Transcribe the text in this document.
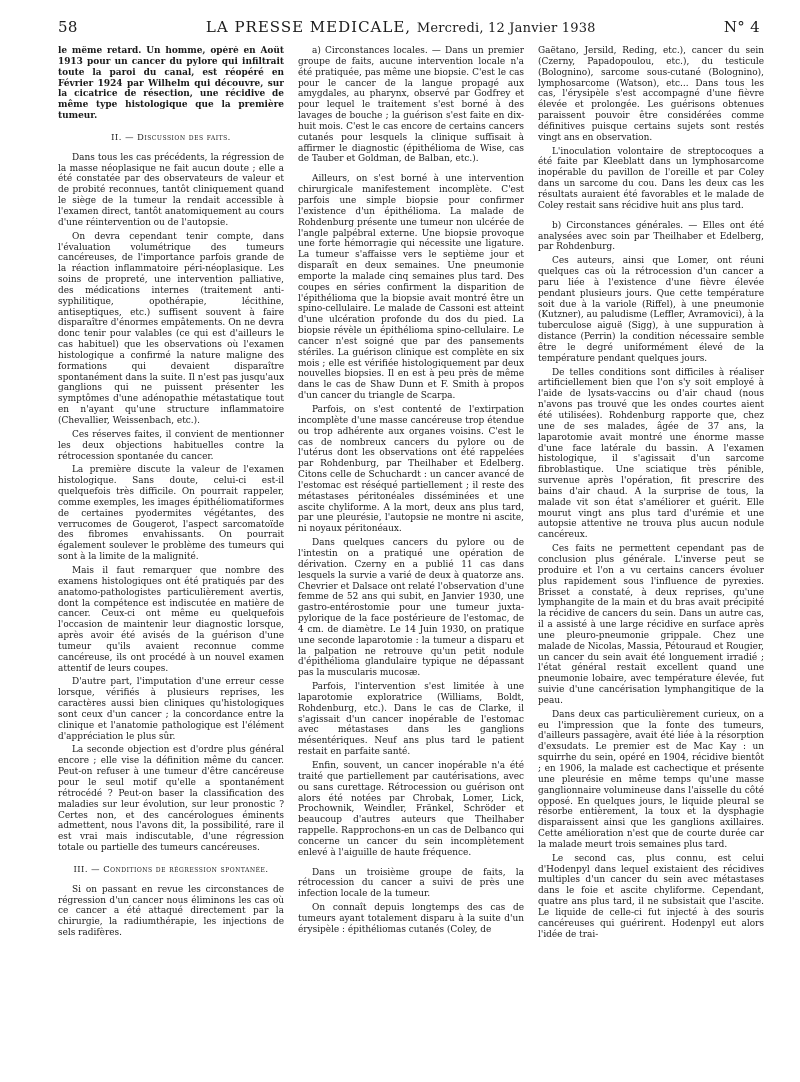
58	LA PRESSE MEDICALE, Mercredi, 12 Janvier 1938	N° 4

le même retard. Un homme, opéré en Août 1913 pour un cancer du pylore qui infiltrait toute la paroi du canal, est réopéré en Février 1924 par Wilhelm qui découvre, sur la cicatrice de résection, une récidive de même type histologique que la première tumeur.

II. — Discussion des faits.

Dans tous les cas précédents, la régression de la masse néoplasique ne fait aucun doute ; elle a été constatée par des observateurs de valeur et de probité reconnues, tantôt cliniquement quand le siège de la tumeur la rendait accessible à l'examen direct, tantôt anatomiquement au cours d'une réintervention ou de l'autopsie.

On devra cependant tenir compte, dans l'évaluation volumétrique des tumeurs cancéreuses, de l'importance parfois grande de la réaction inflammatoire péri-néoplasique. Les soins de propreté, une intervention palliative, des médications internes (traitement anti-syphilitique, opothérapie, lécithine, antiseptiques, etc.) suffisent souvent à faire disparaître d'énormes empâtements. On ne devra donc tenir pour valables (ce qui est d'ailleurs le cas habituel) que les observations où l'examen histologique a confirmé la nature maligne des formations qui devaient disparaître spontanément dans la suite. Il n'est pas jusqu'aux ganglions qui ne puissent présenter les symptômes d'une adénopathie métastatique tout en n'ayant qu'une structure inflammatoire (Chevallier, Weissenbach, etc.).

Ces réserves faites, il convient de mentionner les deux objections habituelles contre la rétrocession spontanée du cancer.

La première discute la valeur de l'examen histologique. Sans doute, celui-ci est-il quelquefois très difficile. On pourrait rappeler, comme exemples, les images épithéliomatiformes de certaines pyodermites végétantes, des verrucomes de Gougerot, l'aspect sarcomatoïde des fibromes envahissants. On pourrait également soulever le problème des tumeurs qui sont à la limite de la malignité.

Mais il faut remarquer que nombre des examens histologiques ont été pratiqués par des anatomo-pathologistes particulièrement avertis, dont la compétence est indiscutée en matière de cancer. Ceux-ci ont même eu quelquefois l'occasion de maintenir leur diagnostic lorsque, après avoir été avisés de la guérison d'une tumeur qu'ils avaient reconnue comme cancéreuse, ils ont procédé à un nouvel examen attentif de leurs coupes.

D'autre part, l'imputation d'une erreur cesse lorsque, vérifiés à plusieurs reprises, les caractères aussi bien cliniques qu'histologiques sont ceux d'un cancer ; la concordance entre la clinique et l'anatomie pathologique est l'élément d'appréciation le plus sûr.

La seconde objection est d'ordre plus général encore ; elle vise la définition même du cancer. Peut-on refuser à une tumeur d'être cancéreuse pour le seul motif qu'elle a spontanément rétrocédé ? Peut-on baser la classification des maladies sur leur évolution, sur leur pronostic ? Certes non, et des cancérologues éminents admettent, nous l'avons dit, la possibilité, rare il est vrai mais indiscutable, d'une régression totale ou partielle des tumeurs cancéreuses.

III. — Conditions de régression spontanée.

Si on passant en revue les circonstances de régression d'un cancer nous éliminons les cas où ce cancer a été attaqué directement par la chirurgie, la radiumthérapie, les injections de sels radifères.

a) Circonstances locales. — Dans un premier groupe de faits, aucune intervention locale n'a été pratiquée, pas même une biopsie. C'est le cas pour le cancer de la langue propagé aux amygdales, au pharynx, observé par Godfrey et pour lequel le traitement s'est borné à des lavages de bouche ; la guérison s'est faite en dix-huit mois. C'est le cas encore de certains cancers cutanés pour lesquels la clinique suffisait à affirmer le diagnostic (épithélioma de Wise, cas de Tauber et Goldman, de Balban, etc.).

Ailleurs, on s'est borné à une intervention chirurgicale manifestement incomplète. C'est parfois une simple biopsie pour confirmer l'existence d'un épithélioma. La malade de Rohdenburg présente une tumeur non ulcérée de l'angle palpébral externe. Une biopsie provoque une forte hémorragie qui nécessite une ligature. La tumeur s'affaisse vers le septième jour et disparaît en deux semaines. Une pneumonie emporte la malade cinq semaines plus tard. Des coupes en séries confirment la disparition de l'épithélioma que la biopsie avait montré être un spino-cellulaire. Le malade de Cassoni est atteint d'une ulcération profonde du dos du pied. La biopsie révèle un épithélioma spino-cellulaire. Le cancer n'est soigné que par des pansements stériles. La guérison clinique est complète en six mois ; elle est vérifiée histologiquement par deux nouvelles biopsies. Il en est à peu près de même dans le cas de Shaw Dunn et F. Smith à propos d'un cancer du triangle de Scarpa.

Parfois, on s'est contenté de l'extirpation incomplète d'une masse cancéreuse trop étendue ou trop adhérente aux organes voisins. C'est le cas de nombreux cancers du pylore ou de l'utérus dont les observations ont été rappelées par Rohdenburg, par Theilhaber et Edelberg. Citons celle de Schuchardt : un cancer avancé de l'estomac est réséqué partiellement ; il reste des métastases péritonéales disséminées et une ascite chyliforme. A la mort, deux ans plus tard, par une pleurésie, l'autopsie ne montre ni ascite, ni noyaux péritonéaux.

Dans quelques cancers du pylore ou de l'intestin on a pratiqué une opération de dérivation. Czerny en a publié 11 cas dans lesquels la survie a varié de deux à quatorze ans. Chevrier et Dalsace ont relaté l'observation d'une femme de 52 ans qui subit, en Janvier 1930, une gastro-entérostomie pour une tumeur juxta-pylorique de la face postérieure de l'estomac, de 4 cm. de diamètre. Le 14 Juin 1930, on pratique une seconde laparotomie : la tumeur a disparu et la palpation ne retrouve qu'un petit nodule d'épithélioma glandulaire typique ne dépassant pas la muscularis mucosæ.

Parfois, l'intervention s'est limitée à une laparotomie exploratrice (Williams, Boldt, Rohdenburg, etc.). Dans le cas de Clarke, il s'agissait d'un cancer inopérable de l'estomac avec métastases dans les ganglions mésentériques. Neuf ans plus tard le patient restait en parfaite santé.

Enfin, souvent, un cancer inopérable n'a été traité que partiellement par cautérisations, avec ou sans curettage. Rétrocession ou guérison ont alors été notées par Chrobak, Lomer, Lick, Prochownik, Weindler, Fränkel, Schröder et beaucoup d'autres auteurs que Theilhaber rappelle. Rapprochons-en un cas de Delbanco qui concerne un cancer du sein incomplètement enlevé à l'aiguille de haute fréquence.

Dans un troisième groupe de faits, la rétrocession du cancer a suivi de près une infection locale de la tumeur.

On connaît depuis longtemps des cas de tumeurs ayant totalement disparu à la suite d'un érysipèle : épithéliomas cutanés (Coley, de

Gaëtano, Jersild, Reding, etc.), cancer du sein (Czerny, Papadopoulou, etc.), du testicule (Bolognino), sarcome sous-cutané (Bolognino), lymphosarcome (Watson), etc... Dans tous les cas, l'érysipèle s'est accompagné d'une fièvre élevée et prolongée. Les guérisons obtenues paraissent pouvoir être considérées comme définitives puisque certains sujets sont restés vingt ans en observation.

L'inoculation volontaire de streptocoques a été faite par Kleeblatt dans un lymphosarcome inopérable du pavillon de l'oreille et par Coley dans un sarcome du cou. Dans les deux cas les résultats auraient été favorables et le malade de Coley restait sans récidive huit ans plus tard.

b) Circonstances générales. — Elles ont été analysées avec soin par Theilhaber et Edelberg, par Rohdenburg.

Ces auteurs, ainsi que Lomer, ont réuni quelques cas où la rétrocession d'un cancer a paru liée à l'existence d'une fièvre élevée pendant plusieurs jours. Que cette température soit due à la variole (Riffel), à une pneumonie (Kutzner), au paludisme (Leffler, Avramovici), à la tuberculose aiguë (Sigg), à une suppuration à distance (Perrin) la condition nécessaire semble être le degré uniformément élevé de la température pendant quelques jours.

De telles conditions sont difficiles à réaliser artificiellement bien que l'on s'y soit employé à l'aide de lysats-vaccins ou d'air chaud (nous n'avons pas trouvé que les ondes courtes aient été utilisées). Rohdenburg rapporte que, chez une de ses malades, âgée de 37 ans, la laparotomie avait montré une énorme masse d'une face latérale du bassin. A l'examen histologique, il s'agissait d'un sarcome fibroblastique. Une sciatique très pénible, survenue après l'opération, fit prescrire des bains d'air chaud. A la surprise de tous, la malade vit son état s'améliorer et guérit. Elle mourut vingt ans plus tard d'urémie et une autopsie attentive ne trouva plus aucun nodule cancéreux.

Ces faits ne permettent cependant pas de conclusion plus générale. L'inverse peut se produire et l'on a vu certains cancers évoluer plus rapidement sous l'influence de pyrexies. Brisset a constaté, à deux reprises, qu'une lymphangite de la main et du bras avait précipité la récidive de cancers du sein. Dans un autre cas, il a assisté à une large récidive en surface après une pleuro-pneumonie grippale. Chez une malade de Nicolas, Massia, Pétouraud et Rougier, un cancer du sein avait été longuement irradié ; l'état général restait excellent quand une pneumonie lobaire, avec température élevée, fut suivie d'une cancérisation lymphangitique de la peau.

Dans deux cas particulièrement curieux, on a eu l'impression que la fonte des tumeurs, d'ailleurs passagère, avait été liée à la résorption d'exsudats. Le premier est de Mac Kay : un squirrhe du sein, opéré en 1904, récidive bientôt ; en 1906, la malade est cachectique et présente une pleurésie en même temps qu'une masse ganglionnaire volumineuse dans l'aisselle du côté opposé. En quelques jours, le liquide pleural se résorbe entièrement, la toux et la dysphagie disparaissent ainsi que les ganglions axillaires. Cette amélioration n'est que de courte durée car la malade meurt trois semaines plus tard.

Le second cas, plus connu, est celui d'Hodenpyl dans lequel existaient des récidives multiples d'un cancer du sein avec métastases dans le foie et ascite chyliforme. Cependant, quatre ans plus tard, il ne subsistait que l'ascite. Le liquide de celle-ci fut injecté à des souris cancéreuses qui guérirent. Hodenpyl eut alors l'idée de trai-
